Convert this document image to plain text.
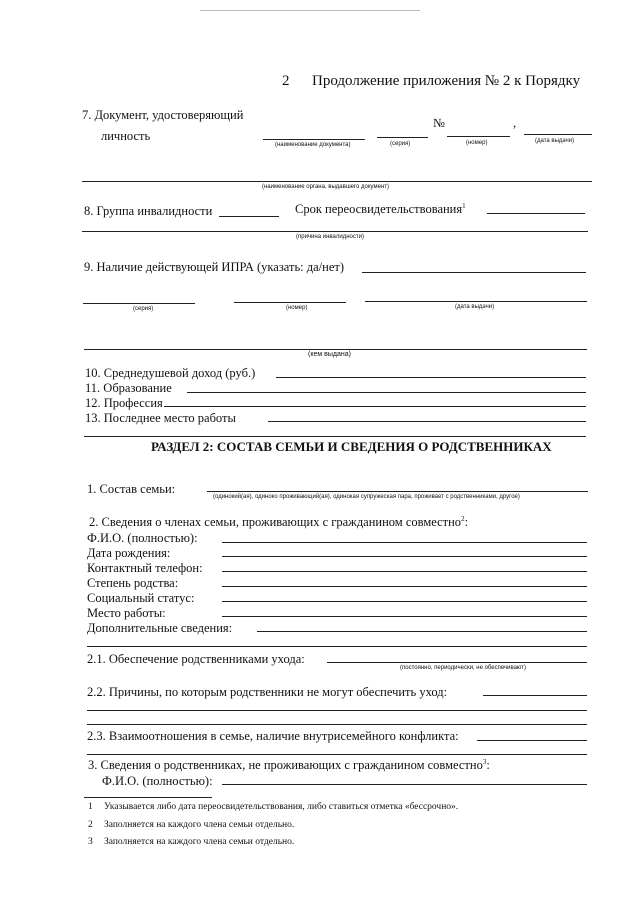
2 Продолжение приложения № 2 к Порядку
7. Документ, удостоверяющий
личность
№	,
(наименование документа)	(серия)	(номер)	(дата выдачи)
(наименование органа, выдавшего документ)
8. Группа инвалидности	Срок переосвидетельствования$^1$
(причина инвалидности)
9. Наличие действующей ИПРА (указать: да/нет)
(серия)	(номер)	(дата выдачи)
(кем выдана)
10. Среднедушевой доход (руб.)
11. Образование
12. Профессия
13. Последнее место работы
РАЗДЕЛ 2: СОСТАВ СЕМЬИ И СВЕДЕНИЯ О РОДСТВЕННИКАХ
1. Состав семьи:
(одинокий(ая), одиноко проживающий(ая), одинокая супружеская пара, проживает с родственниками, другое)
2. Сведения о членах семьи, проживающих с гражданином совместно$^2$:
Ф.И.О. (полностью):
Дата рождения:
Контактный телефон:
Степень родства:
Социальный статус:
Место работы:
Дополнительные сведения:
2.1. Обеспечение родственниками ухода:
(постоянно, периодически, не обеспечивают)
2.2. Причины, по которым родственники не могут обеспечить уход:
2.3. Взаимоотношения в семье, наличие внутрисемейного конфликта:
3. Сведения о родственниках, не проживающих с гражданином совместно$^3$:
Ф.И.О. (полностью):
1 Указывается либо дата переосвидетельствования, либо ставиться отметка «бессрочно».
2 Заполняется на каждого члена семьи отдельно.
3 Заполняется на каждого члена семьи отдельно.
